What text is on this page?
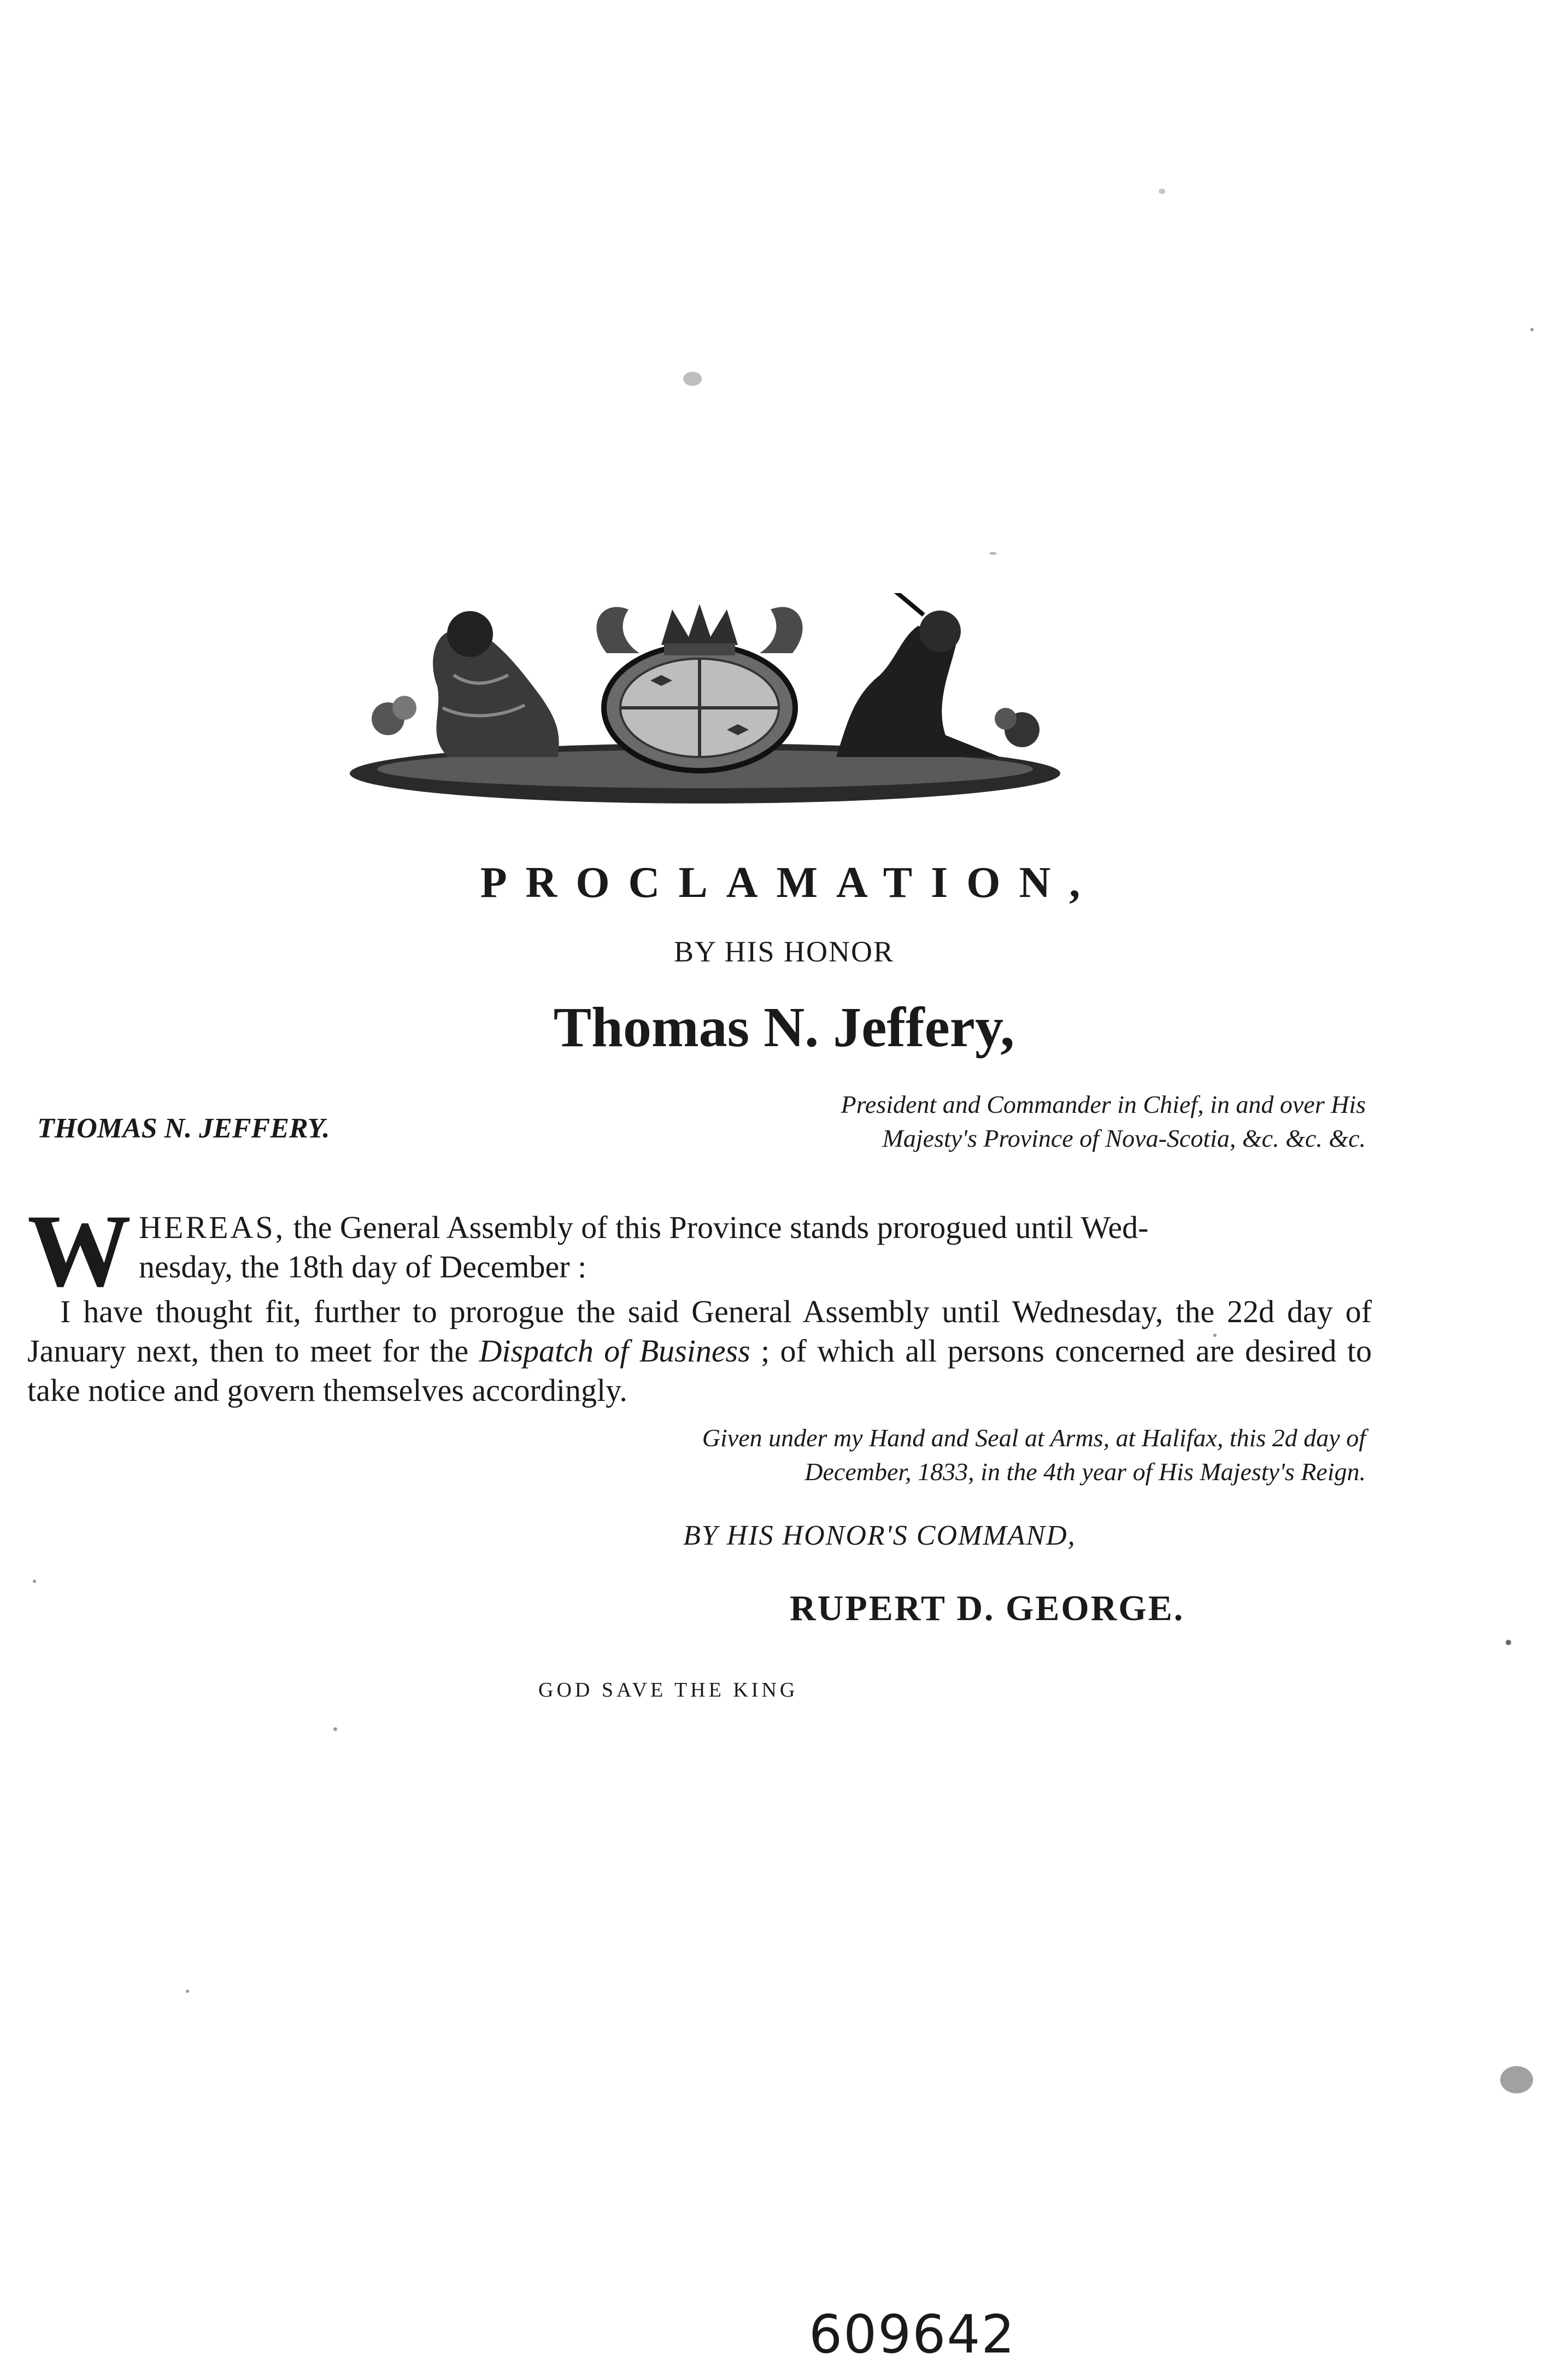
PROCLAMATION,
BY HIS HONOR
Thomas N. Jeffery,
THOMAS N. JEFFERY.
President and Commander in Chief, in and over His
Majesty's Province of Nova-Scotia, &c. &c. &c.
W HEREAS, the General Assembly of this Province stands prorogued until Wed-
nesday, the 18th day of December :
I have thought fit, further to prorogue the said General Assembly until Wednesday, the 22d day of January next, then to meet for the Dispatch of Business ; of which all persons concerned are desired to take notice and govern themselves accordingly.
Given under my Hand and Seal at Arms, at Halifax, this 2d day of
December, 1833, in the 4th year of His Majesty's Reign.
BY HIS HONOR'S COMMAND,
RUPERT D. GEORGE.
GOD SAVE THE KING
609642
